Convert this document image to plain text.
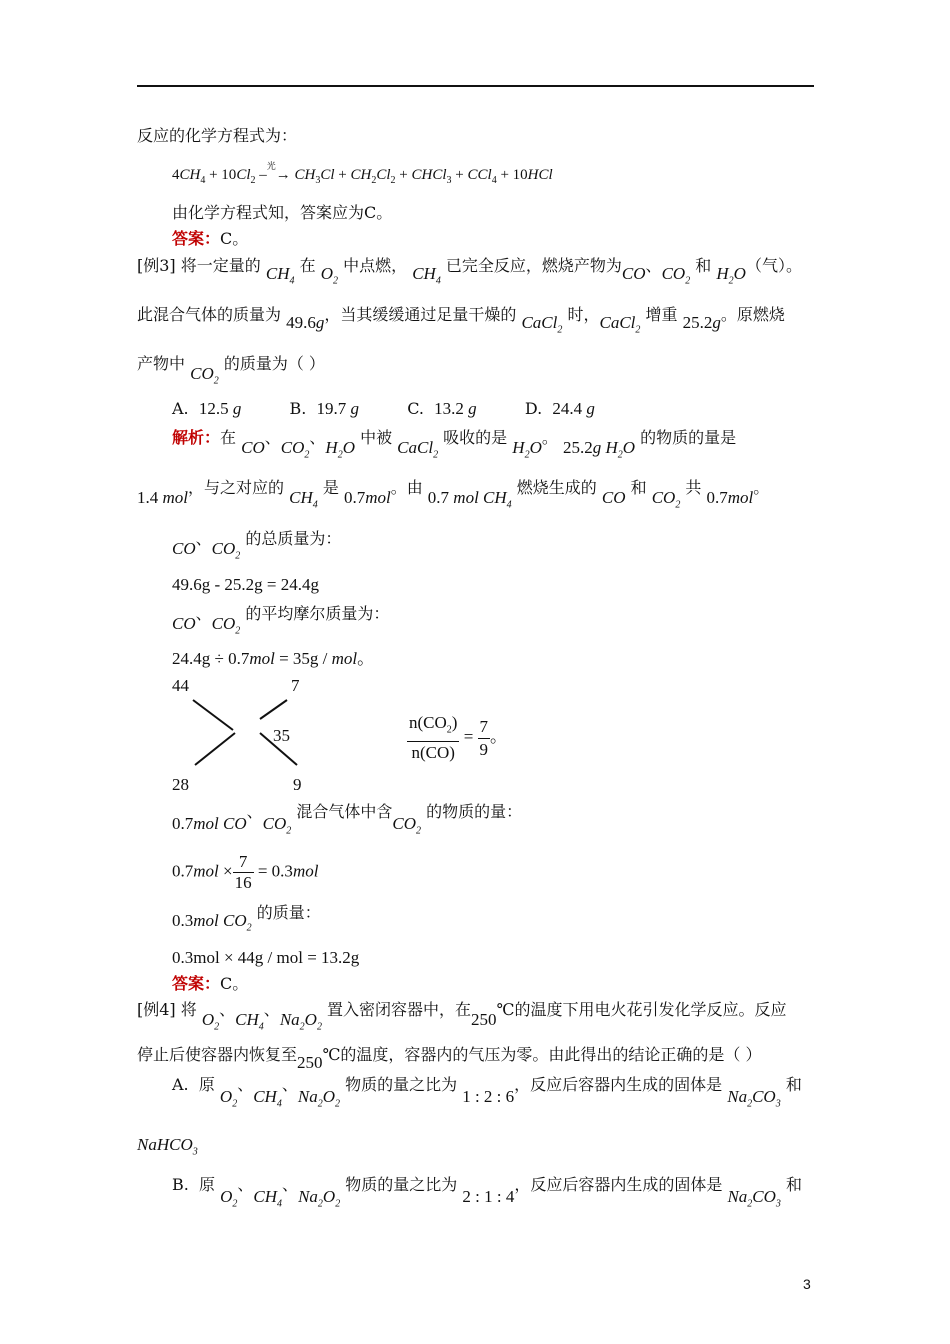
反应的化学方程式为：
$4CH_4 + 10Cl_2$ $-^光\to CH_3Cl + CH_2Cl_2$ + CHCl$_3$ + CCl$_4$ + 10HCl
由化学方程式知，答案应为C。
答案：C。
[例3] 将一定量的 $CH_4$ 在 $O_2$ 中点燃， $CH_4$ 已完全反应，燃烧产物为CO、$CO_2$ 和 $H_2O$（气）。
此混合气体的质量为 49.6g，当其缓缓通过足量干燥的 CaCl$_2$ 时，CaCl$_2$ 增重 25.2g。原燃烧
产物中 $CO_2$ 的质量为（ ）
A. 12.5 g	B. 19.7 g	C. 13.2 g	D. 24.4 g
解析：在 CO、$CO_2$、$H_2O$ 中被 CaCl$_2$ 吸收的是 $H_2O$。 25.2g $H_2O$ 的物质的量是
1.4 mol，与之对应的 $CH_4$ 是 0.7mol。由 0.7 mol $CH_4$ 燃烧生成的 CO 和 $CO_2$ 共 0.7mol。
CO、$CO_2$ 的总质量为：
49.6g - 25.2g = 24.4g
CO、$CO_2$ 的平均摩尔质量为：
24.4g ÷ 0.7mol = 35g / mol。
44	7
35
28	9
$\frac{n(CO_2)}{n(CO)} = \frac{7}{9}$ 。
0.7mol CO、$CO_2$ 混合气体中含$CO_2$ 的物质的量：
$0.7mol \times \frac{7}{16} = 0.3mol$
0.3mol $CO_2$ 的质量：
0.3mol × 44g / mol = 13.2g
答案：C。
[例4] 将 $O_2$、$CH_4$、$Na_2O_2$ 置入密闭容器中，在250℃的温度下用电火花引发化学反应。反应
停止后使容器内恢复至250℃的温度，容器内的气压为零。由此得出的结论正确的是（ ）
A. 原 $O_2$、$CH_4$、$Na_2O_2$ 物质的量之比为 1 : 2 : 6，反应后容器内生成的固体是 $Na_2CO_3$ 和
NaHCO$_3$
B. 原 $O_2$、$CH_4$、$Na_2O_2$ 物质的量之比为 2 : 1 : 4，反应后容器内生成的固体是 $Na_2CO_3$ 和
3
